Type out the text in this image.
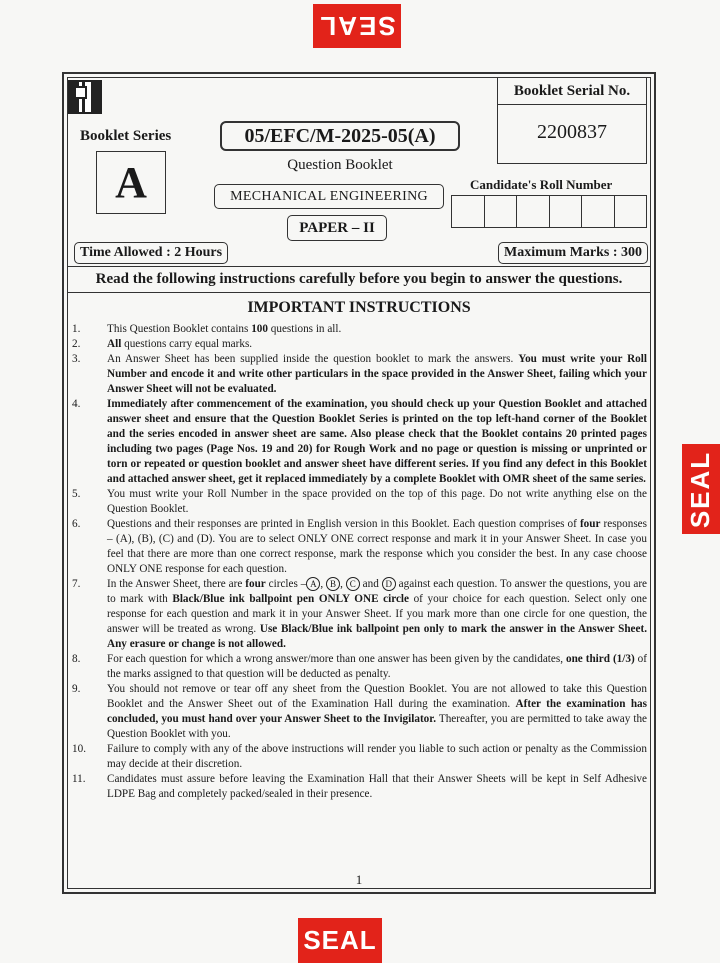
SEAL
SEAL
SEAL
Booklet Serial No.
2200837
Booklet Series	05/EFC/M-2025-05(A)
A	Question Booklet
MECHANICAL ENGINEERING
PAPER – II
Candidate's Roll Number
Time Allowed : 2 Hours	Maximum Marks : 300
Read the following instructions carefully before you begin to answer the questions.
IMPORTANT INSTRUCTIONS
1.	This Question Booklet contains 100 questions in all.
2.	All questions carry equal marks.
3.	An Answer Sheet has been supplied inside the question booklet to mark the answers. You must write your Roll Number and encode it and write other particulars in the space provided in the Answer Sheet, failing which your Answer Sheet will not be evaluated.
4.	Immediately after commencement of the examination, you should check up your Question Booklet and attached answer sheet and ensure that the Question Booklet Series is printed on the top left-hand corner of the Booklet and the series encoded in answer sheet are same. Also please check that the Booklet contains 20 printed pages including two pages (Page Nos. 19 and 20) for Rough Work and no page or question is missing or unprinted or torn or repeated or question booklet and answer sheet have different series. If you find any defect in this Booklet and attached answer sheet, get it replaced immediately by a complete Booklet with OMR sheet of the same series.
5.	You must write your Roll Number in the space provided on the top of this page. Do not write anything else on the Question Booklet.
6.	Questions and their responses are printed in English version in this Booklet. Each question comprises of four responses – (A), (B), (C) and (D). You are to select ONLY ONE correct response and mark it in your Answer Sheet. In case you feel that there are more than one correct response, mark the response which you consider the best. In any case choose ONLY ONE response for each question.
7.	In the Answer Sheet, there are four circles – A , B , C and D against each question. To answer the questions, you are to mark with Black/Blue ink ballpoint pen ONLY ONE circle of your choice for each question. Select only one response for each question and mark it in your Answer Sheet. If you mark more than one circle for one question, the answer will be treated as wrong. Use Black/Blue ink ballpoint pen only to mark the answer in the Answer Sheet. Any erasure or change is not allowed.
8.	For each question for which a wrong answer/more than one answer has been given by the candidates, one third (1/3) of the marks assigned to that question will be deducted as penalty.
9.	You should not remove or tear off any sheet from the Question Booklet. You are not allowed to take this Question Booklet and the Answer Sheet out of the Examination Hall during the examination. After the examination has concluded, you must hand over your Answer Sheet to the Invigilator. Thereafter, you are permitted to take away the Question Booklet with you.
10.	Failure to comply with any of the above instructions will render you liable to such action or penalty as the Commission may decide at their discretion.
11.	Candidates must assure before leaving the Examination Hall that their Answer Sheets will be kept in Self Adhesive LDPE Bag and completely packed/sealed in their presence.
1
